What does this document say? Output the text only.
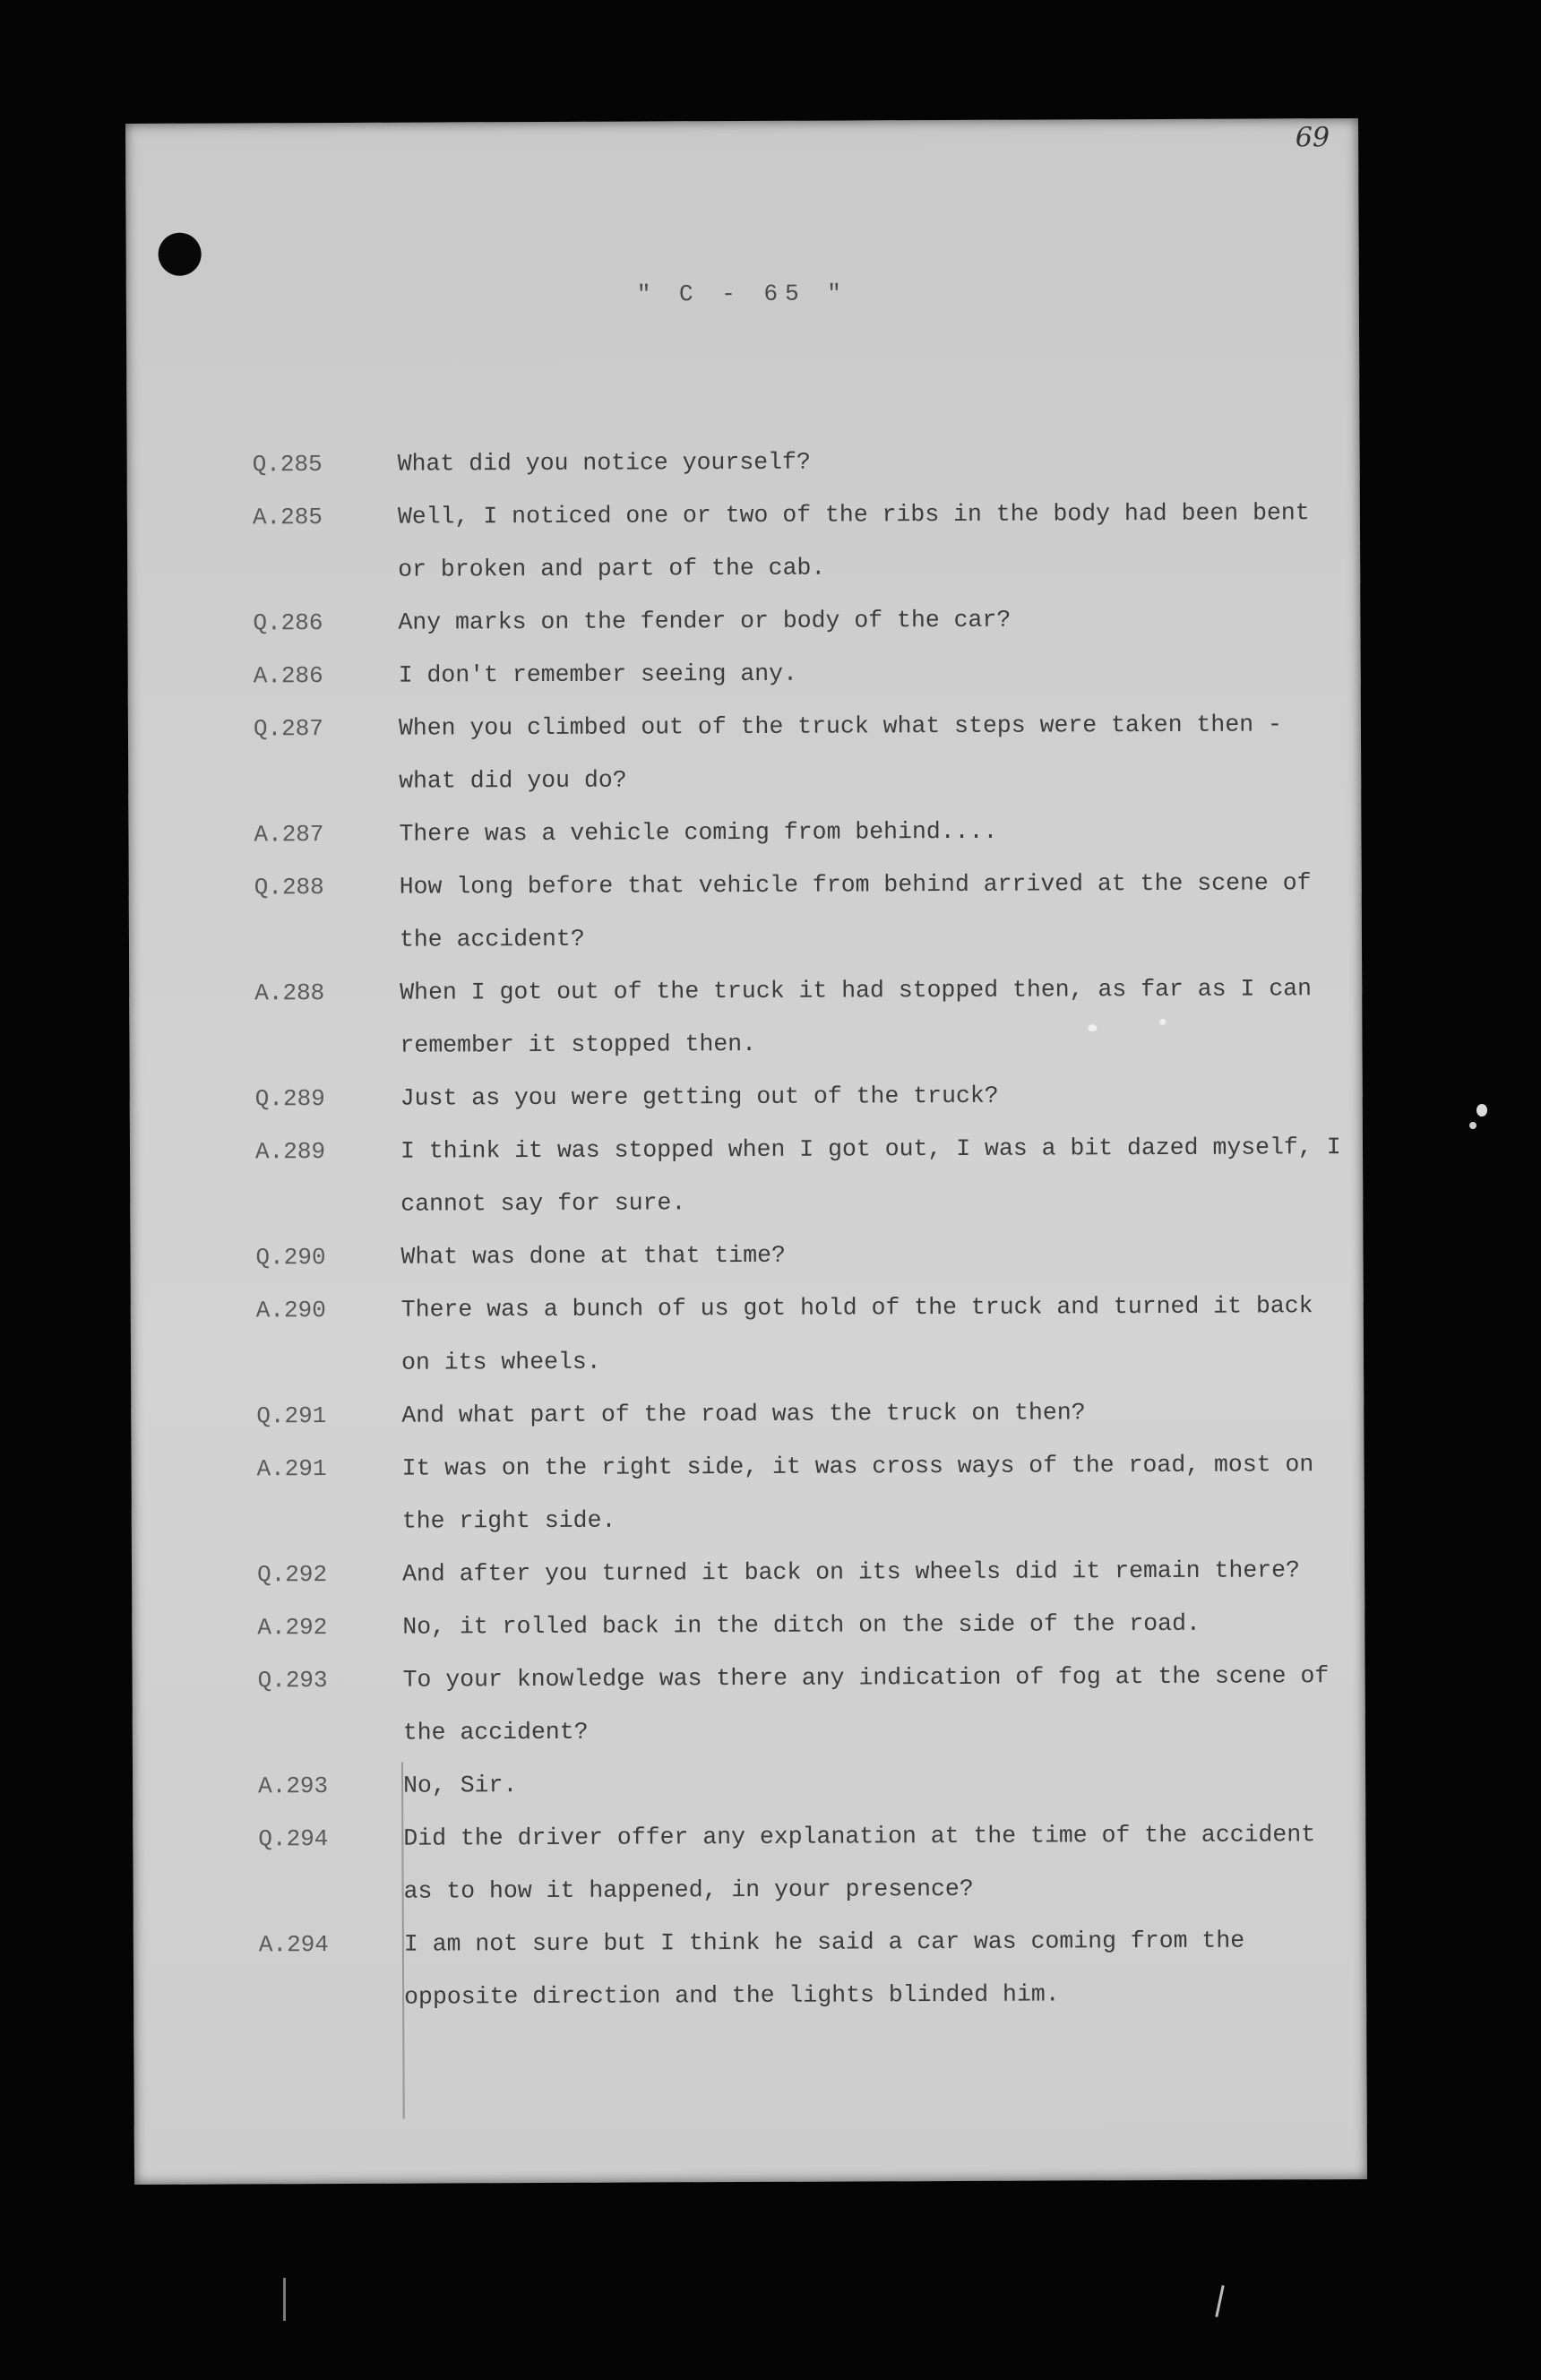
69
" C - 65 "
Q.285	What did you notice yourself?
A.285	Well, I noticed one or two of the ribs in the body had been bent or broken and part of the cab.
Q.286	Any marks on the fender or body of the car?
A.286	I don't remember seeing any.
Q.287	When you climbed out of the truck what steps were taken then - what did you do?
A.287	There was a vehicle coming from behind....
Q.288	How long before that vehicle from behind arrived at the scene of the accident?
A.288	When I got out of the truck it had stopped then, as far as I can remember it stopped then.
Q.289	Just as you were getting out of the truck?
A.289	I think it was stopped when I got out, I was a bit dazed myself, I cannot say for sure.
Q.290	What was done at that time?
A.290	There was a bunch of us got hold of the truck and turned it back on its wheels.
Q.291	And what part of the road was the truck on then?
A.291	It was on the right side, it was cross ways of the road, most on the right side.
Q.292	And after you turned it back on its wheels did it remain there?
A.292	No, it rolled back in the ditch on the side of the road.
Q.293	To your knowledge was there any indication of fog at the scene of the accident?
A.293	No, Sir.
Q.294	Did the driver offer any explanation at the time of the accident as to how it happened, in your presence?
A.294	I am not sure but I think he said a car was coming from the opposite direction and the lights blinded him.
